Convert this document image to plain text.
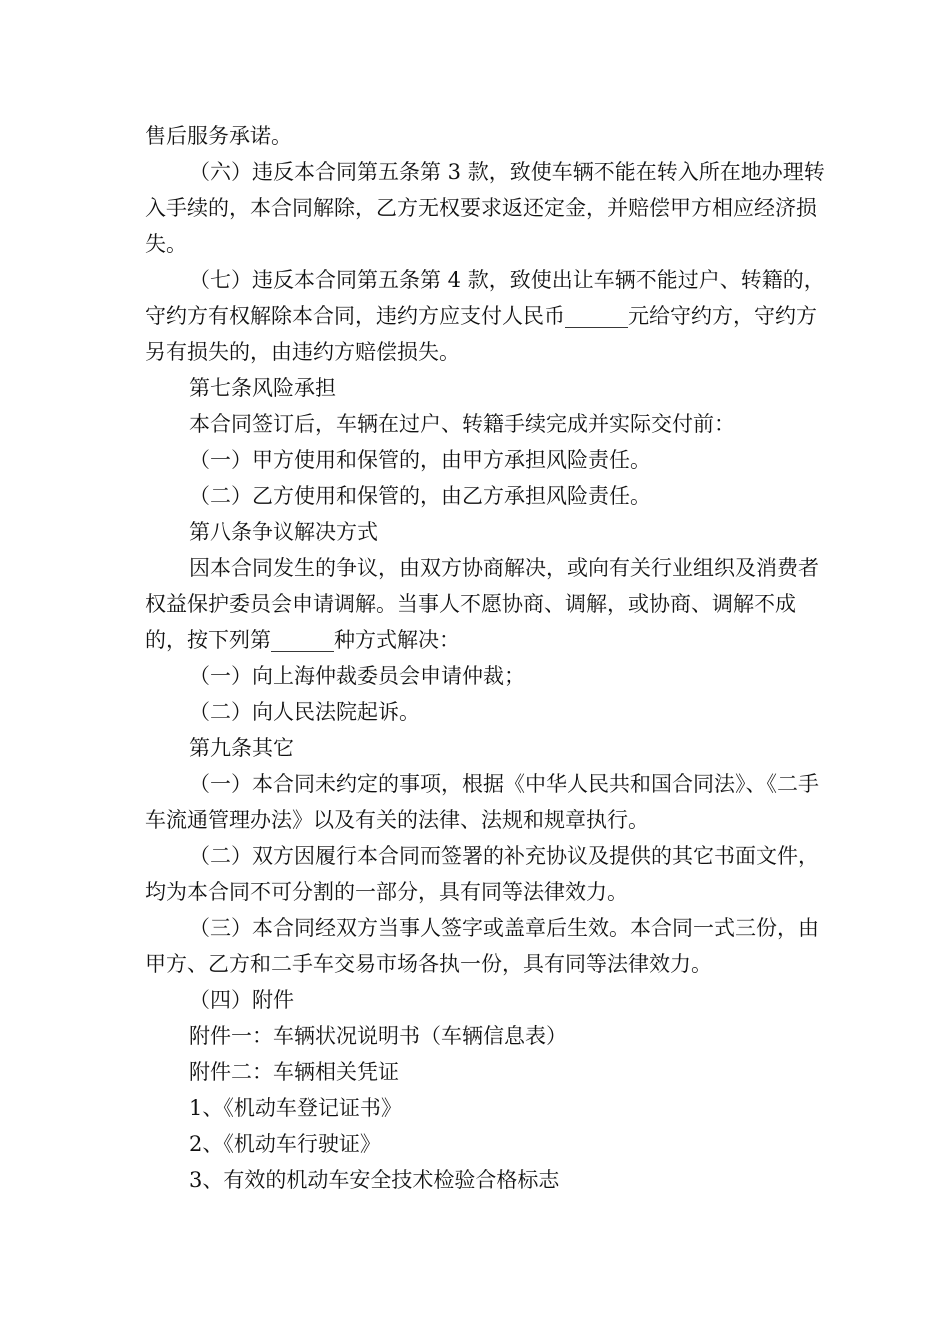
售后服务承诺。

（六）违反本合同第五条第 3 款，致使车辆不能在转入所在地办理转入手续的，本合同解除，乙方无权要求返还定金，并赔偿甲方相应经济损失。

（七）违反本合同第五条第 4 款，致使出让车辆不能过户、转籍的，守约方有权解除本合同，违约方应支付人民币______元给守约方，守约方另有损失的，由违约方赔偿损失。

第七条风险承担

本合同签订后，车辆在过户、转籍手续完成并实际交付前：

（一）甲方使用和保管的，由甲方承担风险责任。

（二）乙方使用和保管的，由乙方承担风险责任。

第八条争议解决方式

因本合同发生的争议，由双方协商解决，或向有关行业组织及消费者权益保护委员会申请调解。当事人不愿协商、调解，或协商、调解不成的，按下列第______种方式解决：

（一）向上海仲裁委员会申请仲裁；

（二）向人民法院起诉。

第九条其它

（一）本合同未约定的事项，根据《中华人民共和国合同法》、《二手车流通管理办法》以及有关的法律、法规和规章执行。

（二）双方因履行本合同而签署的补充协议及提供的其它书面文件，均为本合同不可分割的一部分，具有同等法律效力。

（三）本合同经双方当事人签字或盖章后生效。本合同一式三份，由甲方、乙方和二手车交易市场各执一份，具有同等法律效力。

（四）附件

附件一：车辆状况说明书（车辆信息表）

附件二：车辆相关凭证

1、《机动车登记证书》

2、《机动车行驶证》

3、有效的机动车安全技术检验合格标志
